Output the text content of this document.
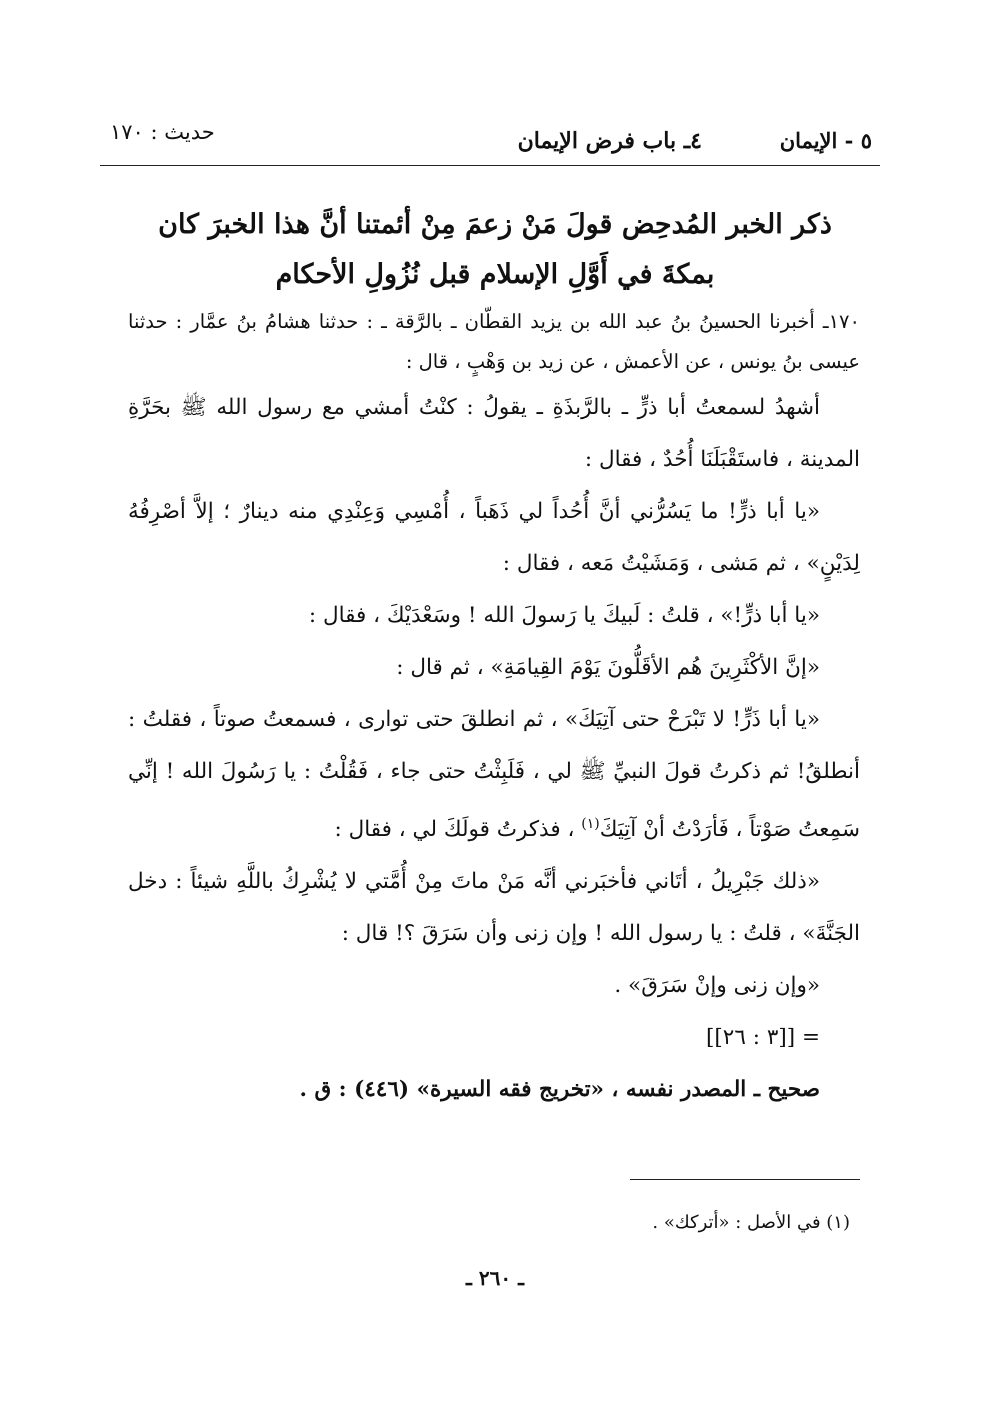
٥ - الإيمان
٤ـ باب فرض الإيمان
حديث : ١٧٠
ذكر الخبر المُدحِض قولَ مَنْ زعمَ مِنْ أئمتنا أنَّ هذا الخبرَ كان
بمكةَ في أَوَّلِ الإسلام قبل نُزُولِ الأحكام

١٧٠ـ أخبرنا الحسينُ بنُ عبد الله بن يزيد القطّان ـ بالرَّقة ـ : حدثنا هشامُ بنُ عمَّار : حدثنا عيسى بنُ يونس ، عن الأعمش ، عن زيد بن وَهْبٍ ، قال :

أشهدُ لسمعتُ أبا ذرٍّ ـ بالرَّبذَةِ ـ يقولُ : كنْتُ أمشي مع رسول الله ﷺ بحَرَّةِ المدينة ، فاستَقْبَلَنَا أُحُدٌ ، فقال :

«يا أبا ذرٍّ! ما يَسُرُّني أنَّ أُحُداً لي ذَهَباً ، أُمْسِي وَعِنْدِي منه دينارٌ ؛ إلاَّ أصْرِفُهُ لِدَيْنٍ» ، ثم مَشى ، وَمَشَيْتُ مَعه ، فقال :

«يا أبا ذرٍّ!» ، قلتُ : لَبيكَ يا رَسولَ الله ! وسَعْدَيْكَ ، فقال :

«إنَّ الأكْثَرِينَ هُم الأقَلُّونَ يَوْمَ القِيامَةِ» ، ثم قال :

«يا أبا ذَرٍّ! لا تَبْرَحْ حتى آتِيَكَ» ، ثم انطلقَ حتى توارى ، فسمعتُ صوتاً ، فقلتُ : أنطلقُ! ثم ذكرتُ قولَ النبيِّ ﷺ لي ، فَلَبِثْتُ حتى جاء ، فَقُلْتُ : يا رَسُولَ الله ! إنِّي سَمِعتُ صَوْتاً ، فَأرَدْتُ أنْ آتِيَكَ$^{(١)}$ ، فذكرتُ قولَكَ لي ، فقال :

«ذلك جَبْرِيلُ ، أتَاني فأخبَرني أنَّه مَنْ ماتَ مِنْ أُمَّتي لا يُشْرِكُ باللَّهِ شيئاً : دخل الجَنَّةَ» ، قلتُ : يا رسول الله ! وإن زنى وأن سَرَقَ ؟! قال :

«وإن زنى وإنْ سَرَقَ» .

= [[٣ : ٢٦]]

صحيح ـ المصدر نفسه ، «تخريج فقه السيرة» (٤٤٦) : ق .

(١) في الأصل : «أتركك» .
ـ ٢٦٠ ـ
